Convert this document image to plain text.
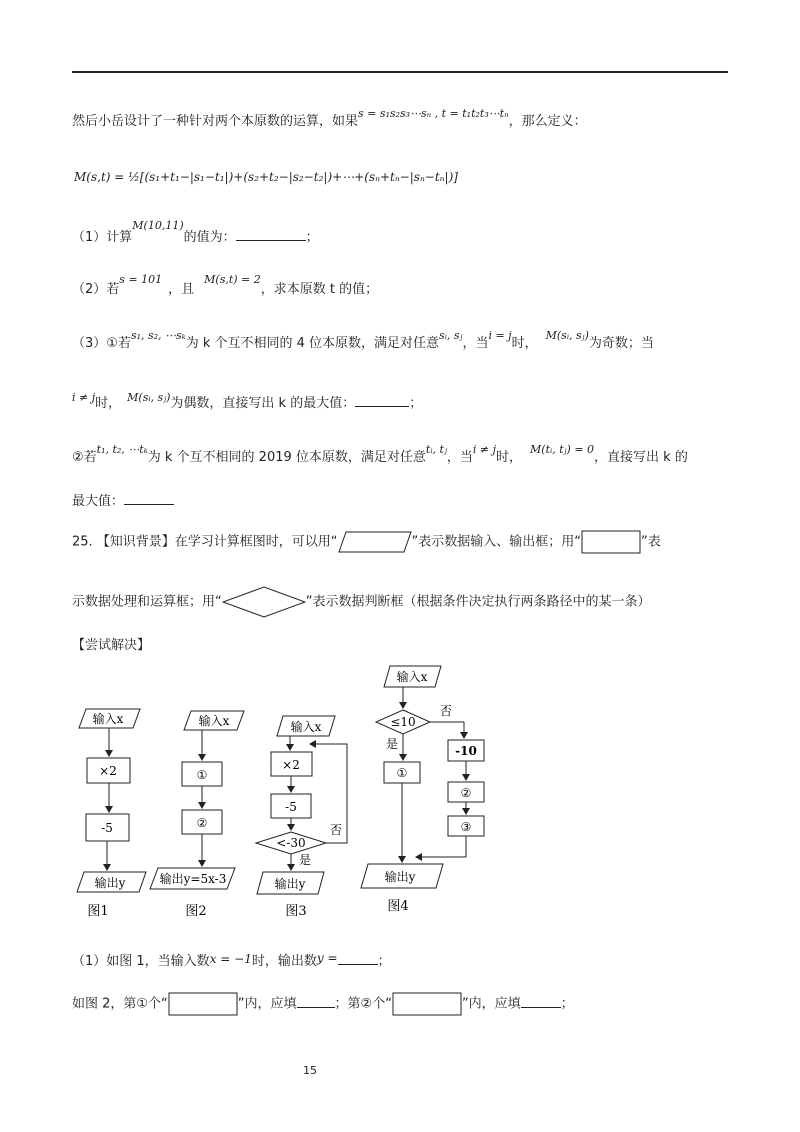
然后小岳设计了一种针对两个本原数的运算，如果$^{s = s_1s_2s_3\cdots s_n , t = t_1t_2t_3\cdots t_n}$，那么定义：
M(s,t) = ½[(s₁+t₁−|s₁−t₁|)+(s₂+t₂−|s₂−t₂|)+⋯+(sₙ+tₙ−|sₙ−tₙ|)]
（1）计算$^{M(10,11)}$的值为：	；
（2）若$^{s = 101}$，且$^{M(s,t) = 2}$，求本原数 t 的值；
（3）①若$^{s_1, s_2, \cdots s_k}$为 k 个互不相同的 4 位本原数，满足对任意$^{sᵢ, sⱼ}$，当$^{i = j}$时，$^{M(sᵢ, sⱼ)}$为奇数；当
$^{i \ne j}$时， $^{M(sᵢ, sⱼ)}$为偶数，直接写出 k 的最大值：	；
②若$^{t_1, t_2, \cdots t_k}$为 k 个互不相同的 2019 位本原数，满足对任意$^{tᵢ, tⱼ}$，当$^{i \ne j}$时，$^{M(tᵢ, tⱼ) = 0}$，直接写出 k 的
最大值：
25. 【知识背景】在学习计算框图时，可以用“	”表示数据输入、输出框；用“	”表
示数据处理和运算框；用“	”表示数据判断框（根据条件决定执行两条路径中的某一条）
【尝试解决】
输入x
×2
-5
输出y
图1
输入x
①
②
输出y=5x-3
图2
输入x
×2
-5
<-30
否
是
输出y
图3
输入x
≤10
否
是
①
-10
②
③
输出y
图4
（1）如图 1，当输入数x = −1时，输出数y =	；
如图 2，第①个“	”内，应填	；第②个“	”内，应填	；
15
